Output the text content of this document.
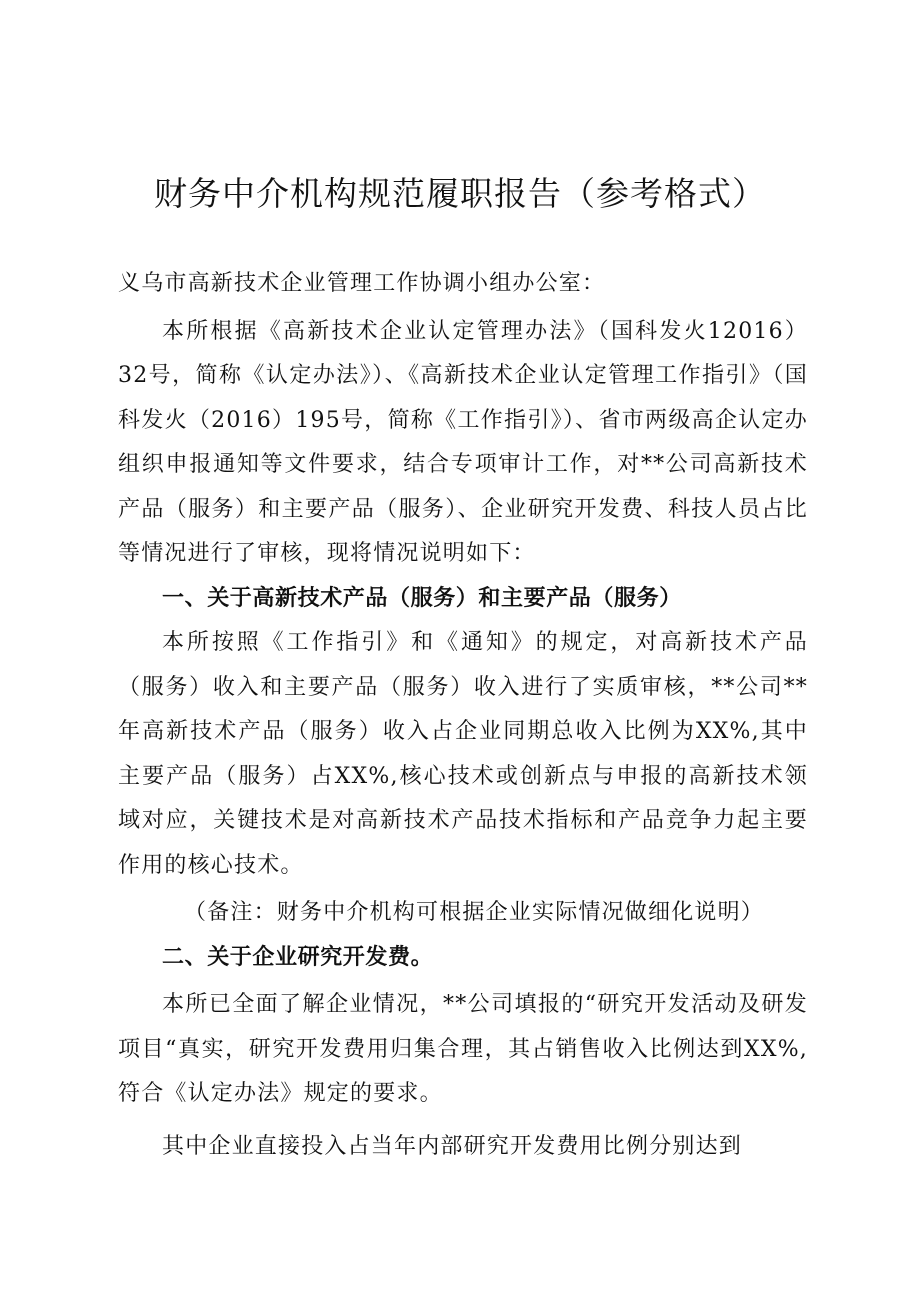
财务中介机构规范履职报告（参考格式）

义乌市高新技术企业管理工作协调小组办公室：

本所根据《高新技术企业认定管理办法》（国科发火12016）32号，简称《认定办法》）、《高新技术企业认定管理工作指引》（国科发火（2016）195号，简称《工作指引》）、省市两级高企认定办组织申报通知等文件要求，结合专项审计工作，对**公司高新技术产品（服务）和主要产品（服务）、企业研究开发费、科技人员占比等情况进行了审核，现将情况说明如下：

一、关于高新技术产品（服务）和主要产品（服务）

本所按照《工作指引》和《通知》的规定，对高新技术产品（服务）收入和主要产品（服务）收入进行了实质审核，**公司**年高新技术产品（服务）收入占企业同期总收入比例为XX%,其中主要产品（服务）占XX%,核心技术或创新点与申报的高新技术领域对应，关键技术是对高新技术产品技术指标和产品竞争力起主要作用的核心技术。

（备注：财务中介机构可根据企业实际情况做细化说明）

二、关于企业研究开发费。

本所已全面了解企业情况，**公司填报的“研究开发活动及研发项目“真实，研究开发费用归集合理，其占销售收入比例达到XX%,符合《认定办法》规定的要求。

其中企业直接投入占当年内部研究开发费用比例分别达到
